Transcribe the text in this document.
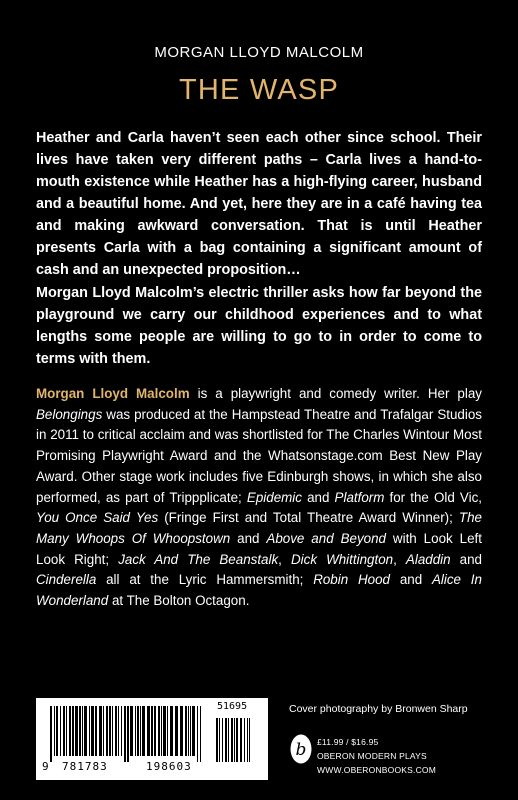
MORGAN LLOYD MALCOLM
THE WASP

Heather and Carla haven’t seen each other since school. Their lives have taken very different paths – Carla lives a hand-to-mouth existence while Heather has a high-flying career, husband and a beautiful home. And yet, here they are in a café having tea and making awkward conversation. That is until Heather presents Carla with a bag containing a significant amount of cash and an unexpected proposition…

Morgan Lloyd Malcolm’s electric thriller asks how far beyond the playground we carry our childhood experiences and to what lengths some people are willing to go to in order to come to terms with them.

Morgan Lloyd Malcolm is a playwright and comedy writer. Her play Belongings was produced at the Hampstead Theatre and Trafalgar Studios in 2011 to critical acclaim and was shortlisted for The Charles Wintour Most Promising Playwright Award and the Whatsonstage.com Best New Play Award. Other stage work includes five Edinburgh shows, in which she also performed, as part of Trippplicate; Epidemic and Platform for the Old Vic, You Once Said Yes (Fringe First and Total Theatre Award Winner); The Many Whoops Of Whoopstown and Above and Beyond with Look Left Look Right; Jack And The Beanstalk, Dick Whittington, Aladdin and Cinderella all at the Lyric Hammersmith; Robin Hood and Alice In Wonderland at The Bolton Octagon.

9 781783	198603
51695	Cover photography by Bronwen Sharp
b £11.99 / $16.95
OBERON MODERN PLAYS
WWW.OBERONBOOKS.COM
